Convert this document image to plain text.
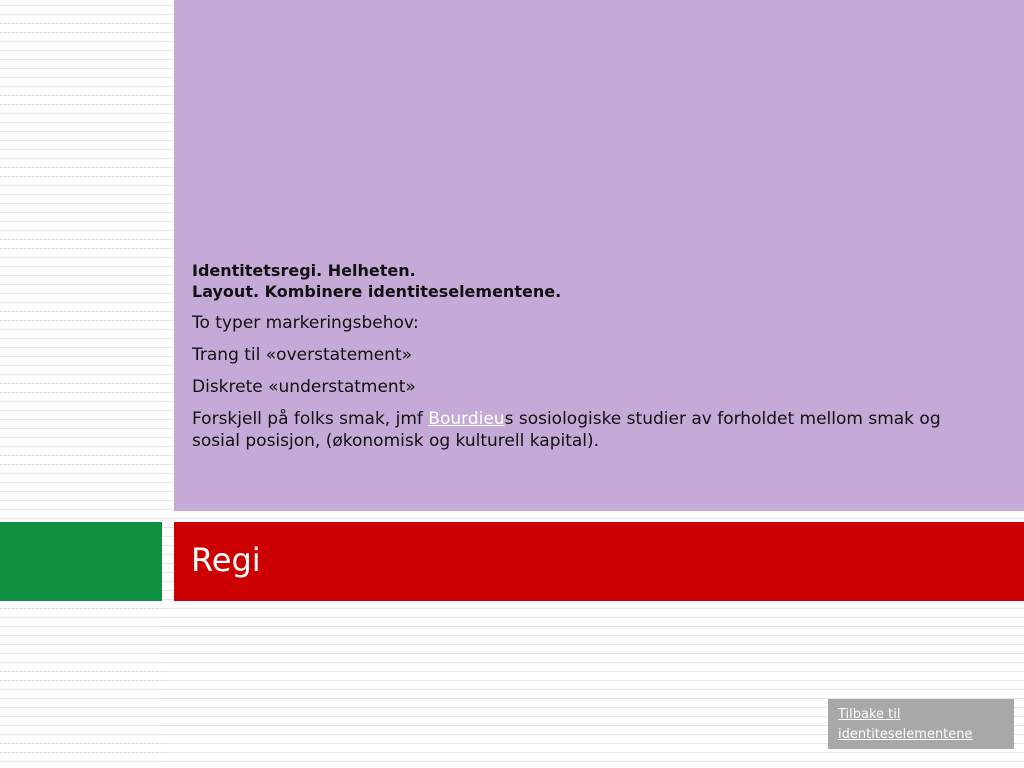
Identitetsregi. Helheten.
Layout. Kombinere identiteselementene.

To typer markeringsbehov:

Trang til «overstatement»

Diskrete «understatment»

Forskjell på folks smak, jmf Bourdieus sosiologiske studier av forholdet mellom smak og sosial posisjon, (økonomisk og kulturell kapital).

Regi
Tilbake til identiteselementene
